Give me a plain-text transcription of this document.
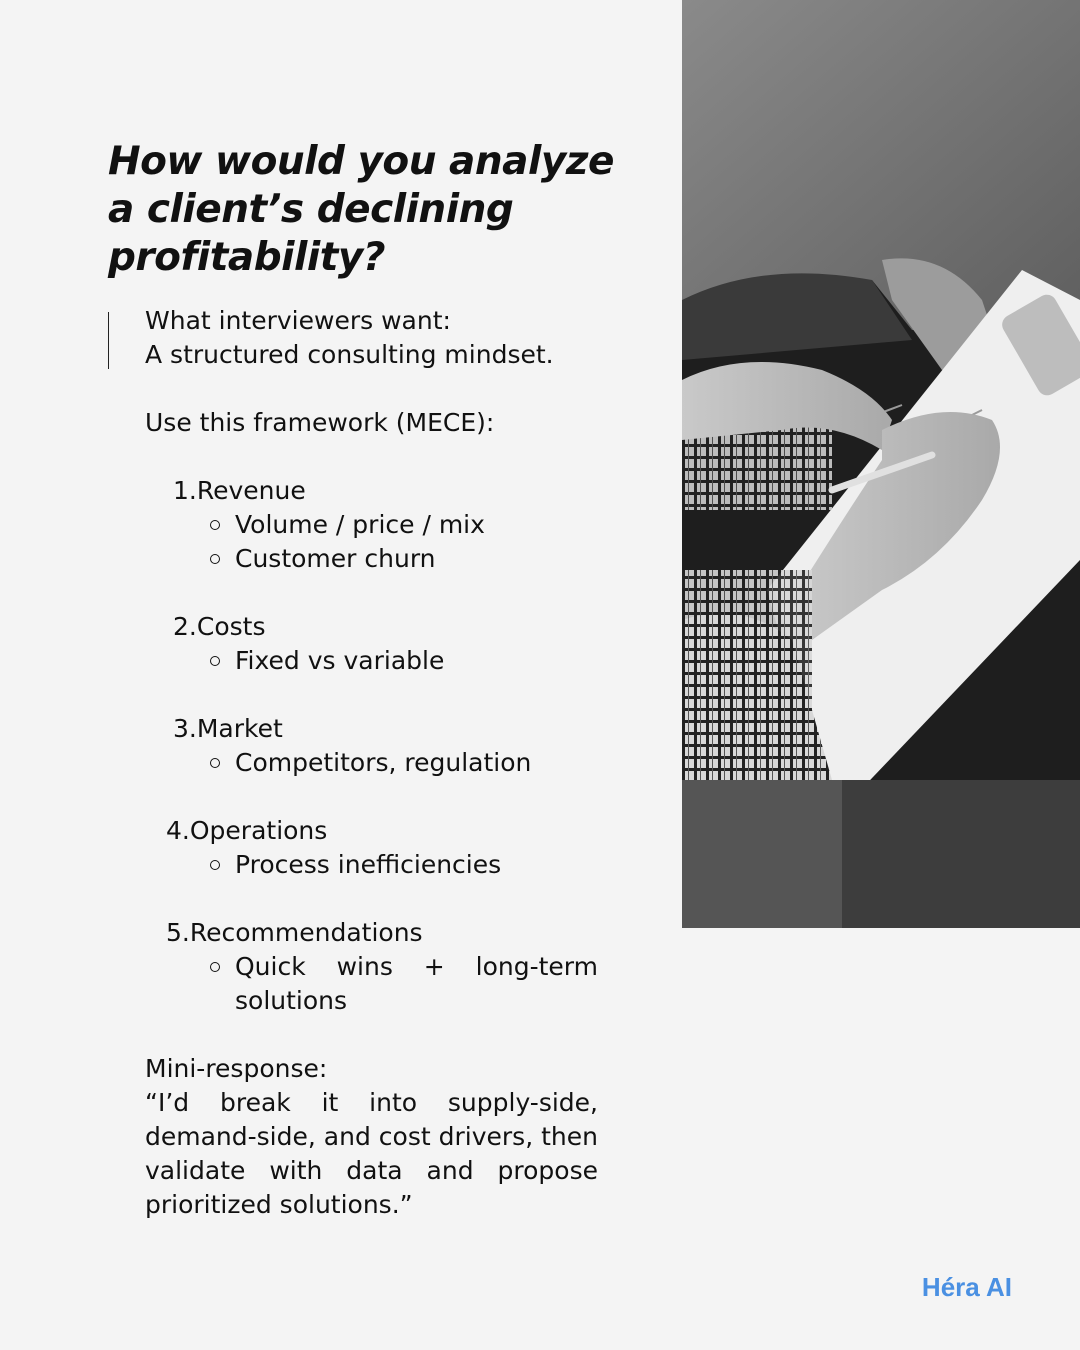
How would you analyze a client’s declining profitability?

What interviewers want:

A structured consulting mindset.

Use this framework (MECE):

1.Revenue
Volume / price / mix
Customer churn
2.Costs
Fixed vs variable
3.Market
Competitors, regulation
4.Operations
Process inefficiencies
5.Recommendations
Quick wins + long-term solutions

Mini-response:

“I’d break it into supply-side, demand-side, and cost drivers, then validate with data and propose prioritized solutions.”

Héra AI
